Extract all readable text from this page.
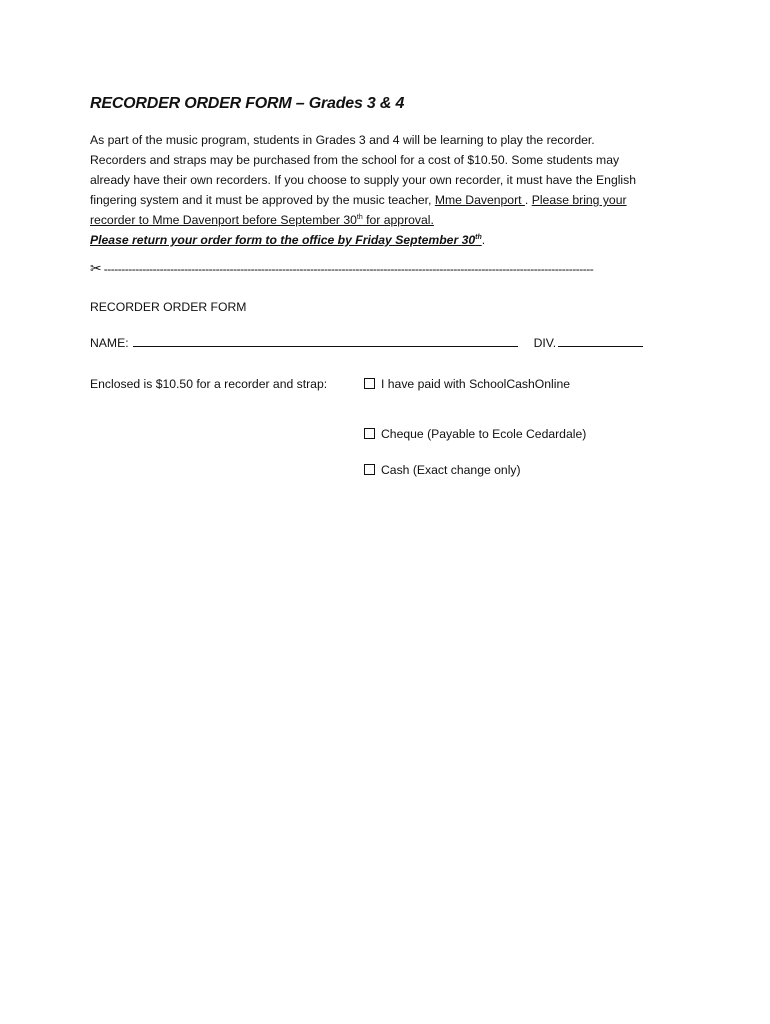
RECORDER ORDER FORM – Grades 3 & 4
As part of the music program, students in Grades 3 and 4 will be learning to play the recorder.
Recorders and straps may be purchased from the school for a cost of $10.50. Some students may
already have their own recorders. If you choose to supply your own recorder, it must have the English
fingering system and it must be approved by the music teacher, Mme Davenport . Please bring your
recorder to Mme Davenport before September 30th for approval.
Please return your order form to the office by Friday September 30th.
✂ --------------------------------------------------------------------------------------------------------------------------------------------
RECORDER ORDER FORM
NAME:	DIV.
Enclosed is $10.50 for a recorder and strap:	I have paid with SchoolCashOnline
Cheque (Payable to Ecole Cedardale)
Cash (Exact change only)
